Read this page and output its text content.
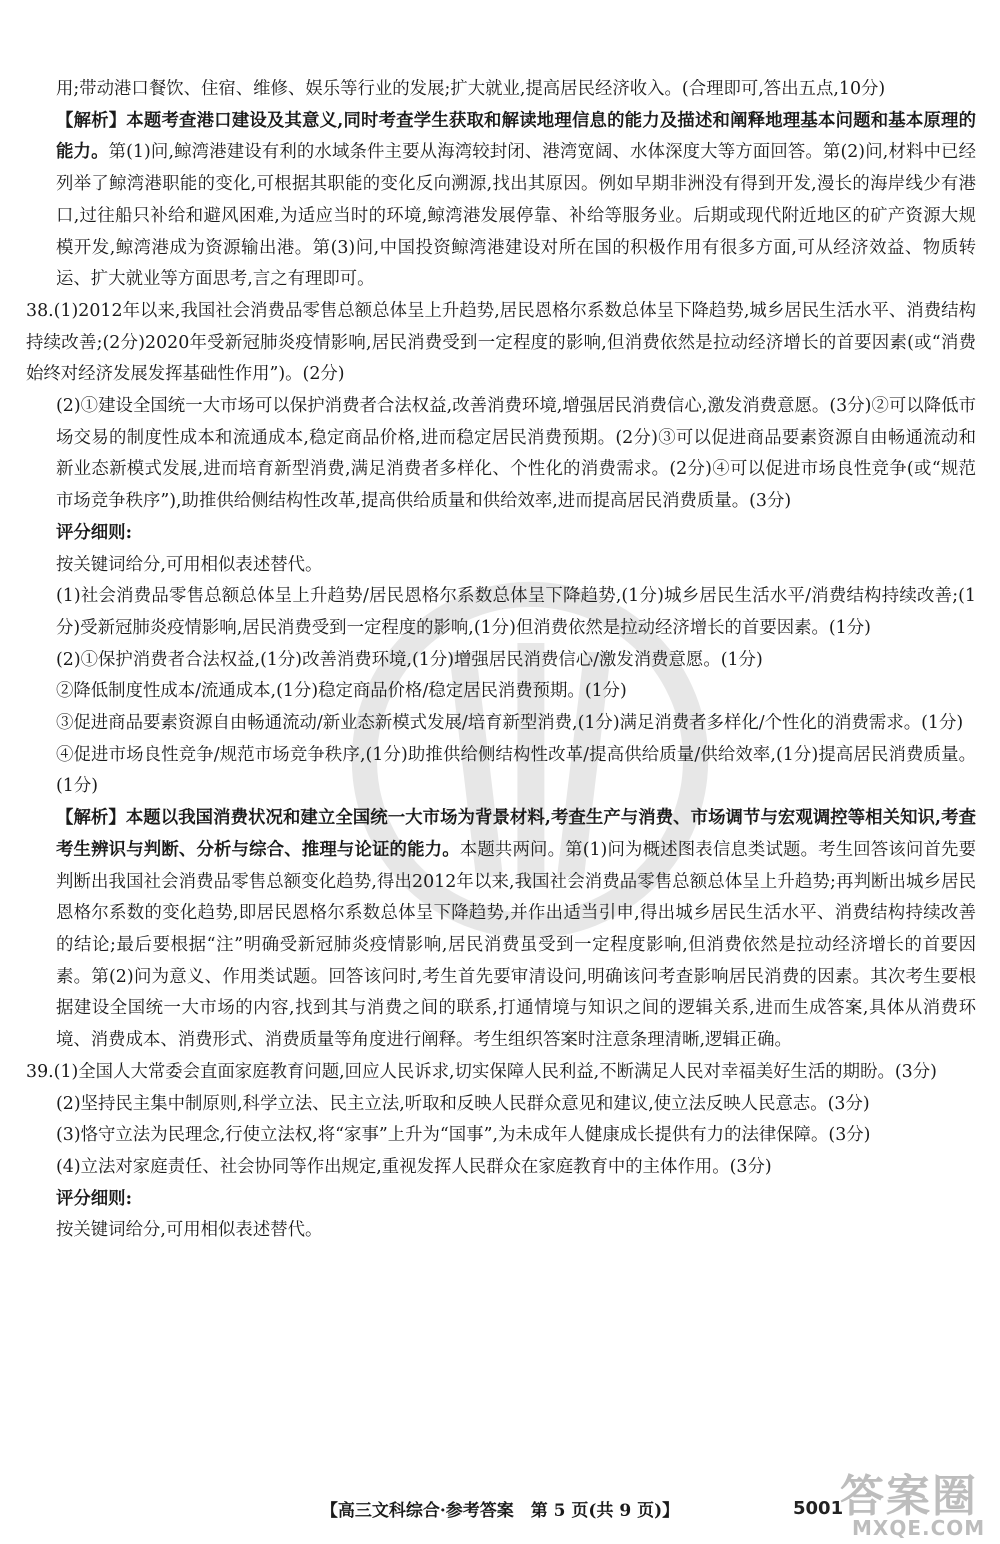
用;带动港口餐饮、住宿、维修、娱乐等行业的发展;扩大就业,提高居民经济收入。(合理即可,答出五点,10分)

【解析】本题考查港口建设及其意义,同时考查学生获取和解读地理信息的能力及描述和阐释地理基本问题和基本原理的能力。第(1)问,鲸湾港建设有利的水域条件主要从海湾较封闭、港湾宽阔、水体深度大等方面回答。第(2)问,材料中已经列举了鲸湾港职能的变化,可根据其职能的变化反向溯源,找出其原因。例如早期非洲没有得到开发,漫长的海岸线少有港口,过往船只补给和避风困难,为适应当时的环境,鲸湾港发展停靠、补给等服务业。后期或现代附近地区的矿产资源大规模开发,鲸湾港成为资源输出港。第(3)问,中国投资鲸湾港建设对所在国的积极作用有很多方面,可从经济效益、物质转运、扩大就业等方面思考,言之有理即可。

38.(1)2012年以来,我国社会消费品零售总额总体呈上升趋势,居民恩格尔系数总体呈下降趋势,城乡居民生活水平、消费结构持续改善;(2分)2020年受新冠肺炎疫情影响,居民消费受到一定程度的影响,但消费依然是拉动经济增长的首要因素(或“消费始终对经济发展发挥基础性作用”)。(2分)

(2)①建设全国统一大市场可以保护消费者合法权益,改善消费环境,增强居民消费信心,激发消费意愿。(3分)②可以降低市场交易的制度性成本和流通成本,稳定商品价格,进而稳定居民消费预期。(2分)③可以促进商品要素资源自由畅通流动和新业态新模式发展,进而培育新型消费,满足消费者多样化、个性化的消费需求。(2分)④可以促进市场良性竞争(或“规范市场竞争秩序”),助推供给侧结构性改革,提高供给质量和供给效率,进而提高居民消费质量。(3分)

评分细则:

按关键词给分,可用相似表述替代。

(1)社会消费品零售总额总体呈上升趋势/居民恩格尔系数总体呈下降趋势,(1分)城乡居民生活水平/消费结构持续改善;(1分)受新冠肺炎疫情影响,居民消费受到一定程度的影响,(1分)但消费依然是拉动经济增长的首要因素。(1分)

(2)①保护消费者合法权益,(1分)改善消费环境,(1分)增强居民消费信心/激发消费意愿。(1分)

②降低制度性成本/流通成本,(1分)稳定商品价格/稳定居民消费预期。(1分)

③促进商品要素资源自由畅通流动/新业态新模式发展/培育新型消费,(1分)满足消费者多样化/个性化的消费需求。(1分)

④促进市场良性竞争/规范市场竞争秩序,(1分)助推供给侧结构性改革/提高供给质量/供给效率,(1分)提高居民消费质量。(1分)

【解析】本题以我国消费状况和建立全国统一大市场为背景材料,考查生产与消费、市场调节与宏观调控等相关知识,考查考生辨识与判断、分析与综合、推理与论证的能力。本题共两问。第(1)问为概述图表信息类试题。考生回答该问首先要判断出我国社会消费品零售总额变化趋势,得出2012年以来,我国社会消费品零售总额总体呈上升趋势;再判断出城乡居民恩格尔系数的变化趋势,即居民恩格尔系数总体呈下降趋势,并作出适当引申,得出城乡居民生活水平、消费结构持续改善的结论;最后要根据“注”明确受新冠肺炎疫情影响,居民消费虽受到一定程度影响,但消费依然是拉动经济增长的首要因素。第(2)问为意义、作用类试题。回答该问时,考生首先要审清设问,明确该问考查影响居民消费的因素。其次考生要根据建设全国统一大市场的内容,找到其与消费之间的联系,打通情境与知识之间的逻辑关系,进而生成答案,具体从消费环境、消费成本、消费形式、消费质量等角度进行阐释。考生组织答案时注意条理清晰,逻辑正确。

39.(1)全国人大常委会直面家庭教育问题,回应人民诉求,切实保障人民利益,不断满足人民对幸福美好生活的期盼。(3分)

(2)坚持民主集中制原则,科学立法、民主立法,听取和反映人民群众意见和建议,使立法反映人民意志。(3分)

(3)恪守立法为民理念,行使立法权,将“家事”上升为“国事”,为未成年人健康成长提供有力的法律保障。(3分)

(4)立法对家庭责任、社会协同等作出规定,重视发挥人民群众在家庭教育中的主体作用。(3分)

评分细则:

按关键词给分,可用相似表述替代。

【高三文科综合·参考答案　第 5 页(共 9 页)】	5001
答案圈
MXQE.COM
